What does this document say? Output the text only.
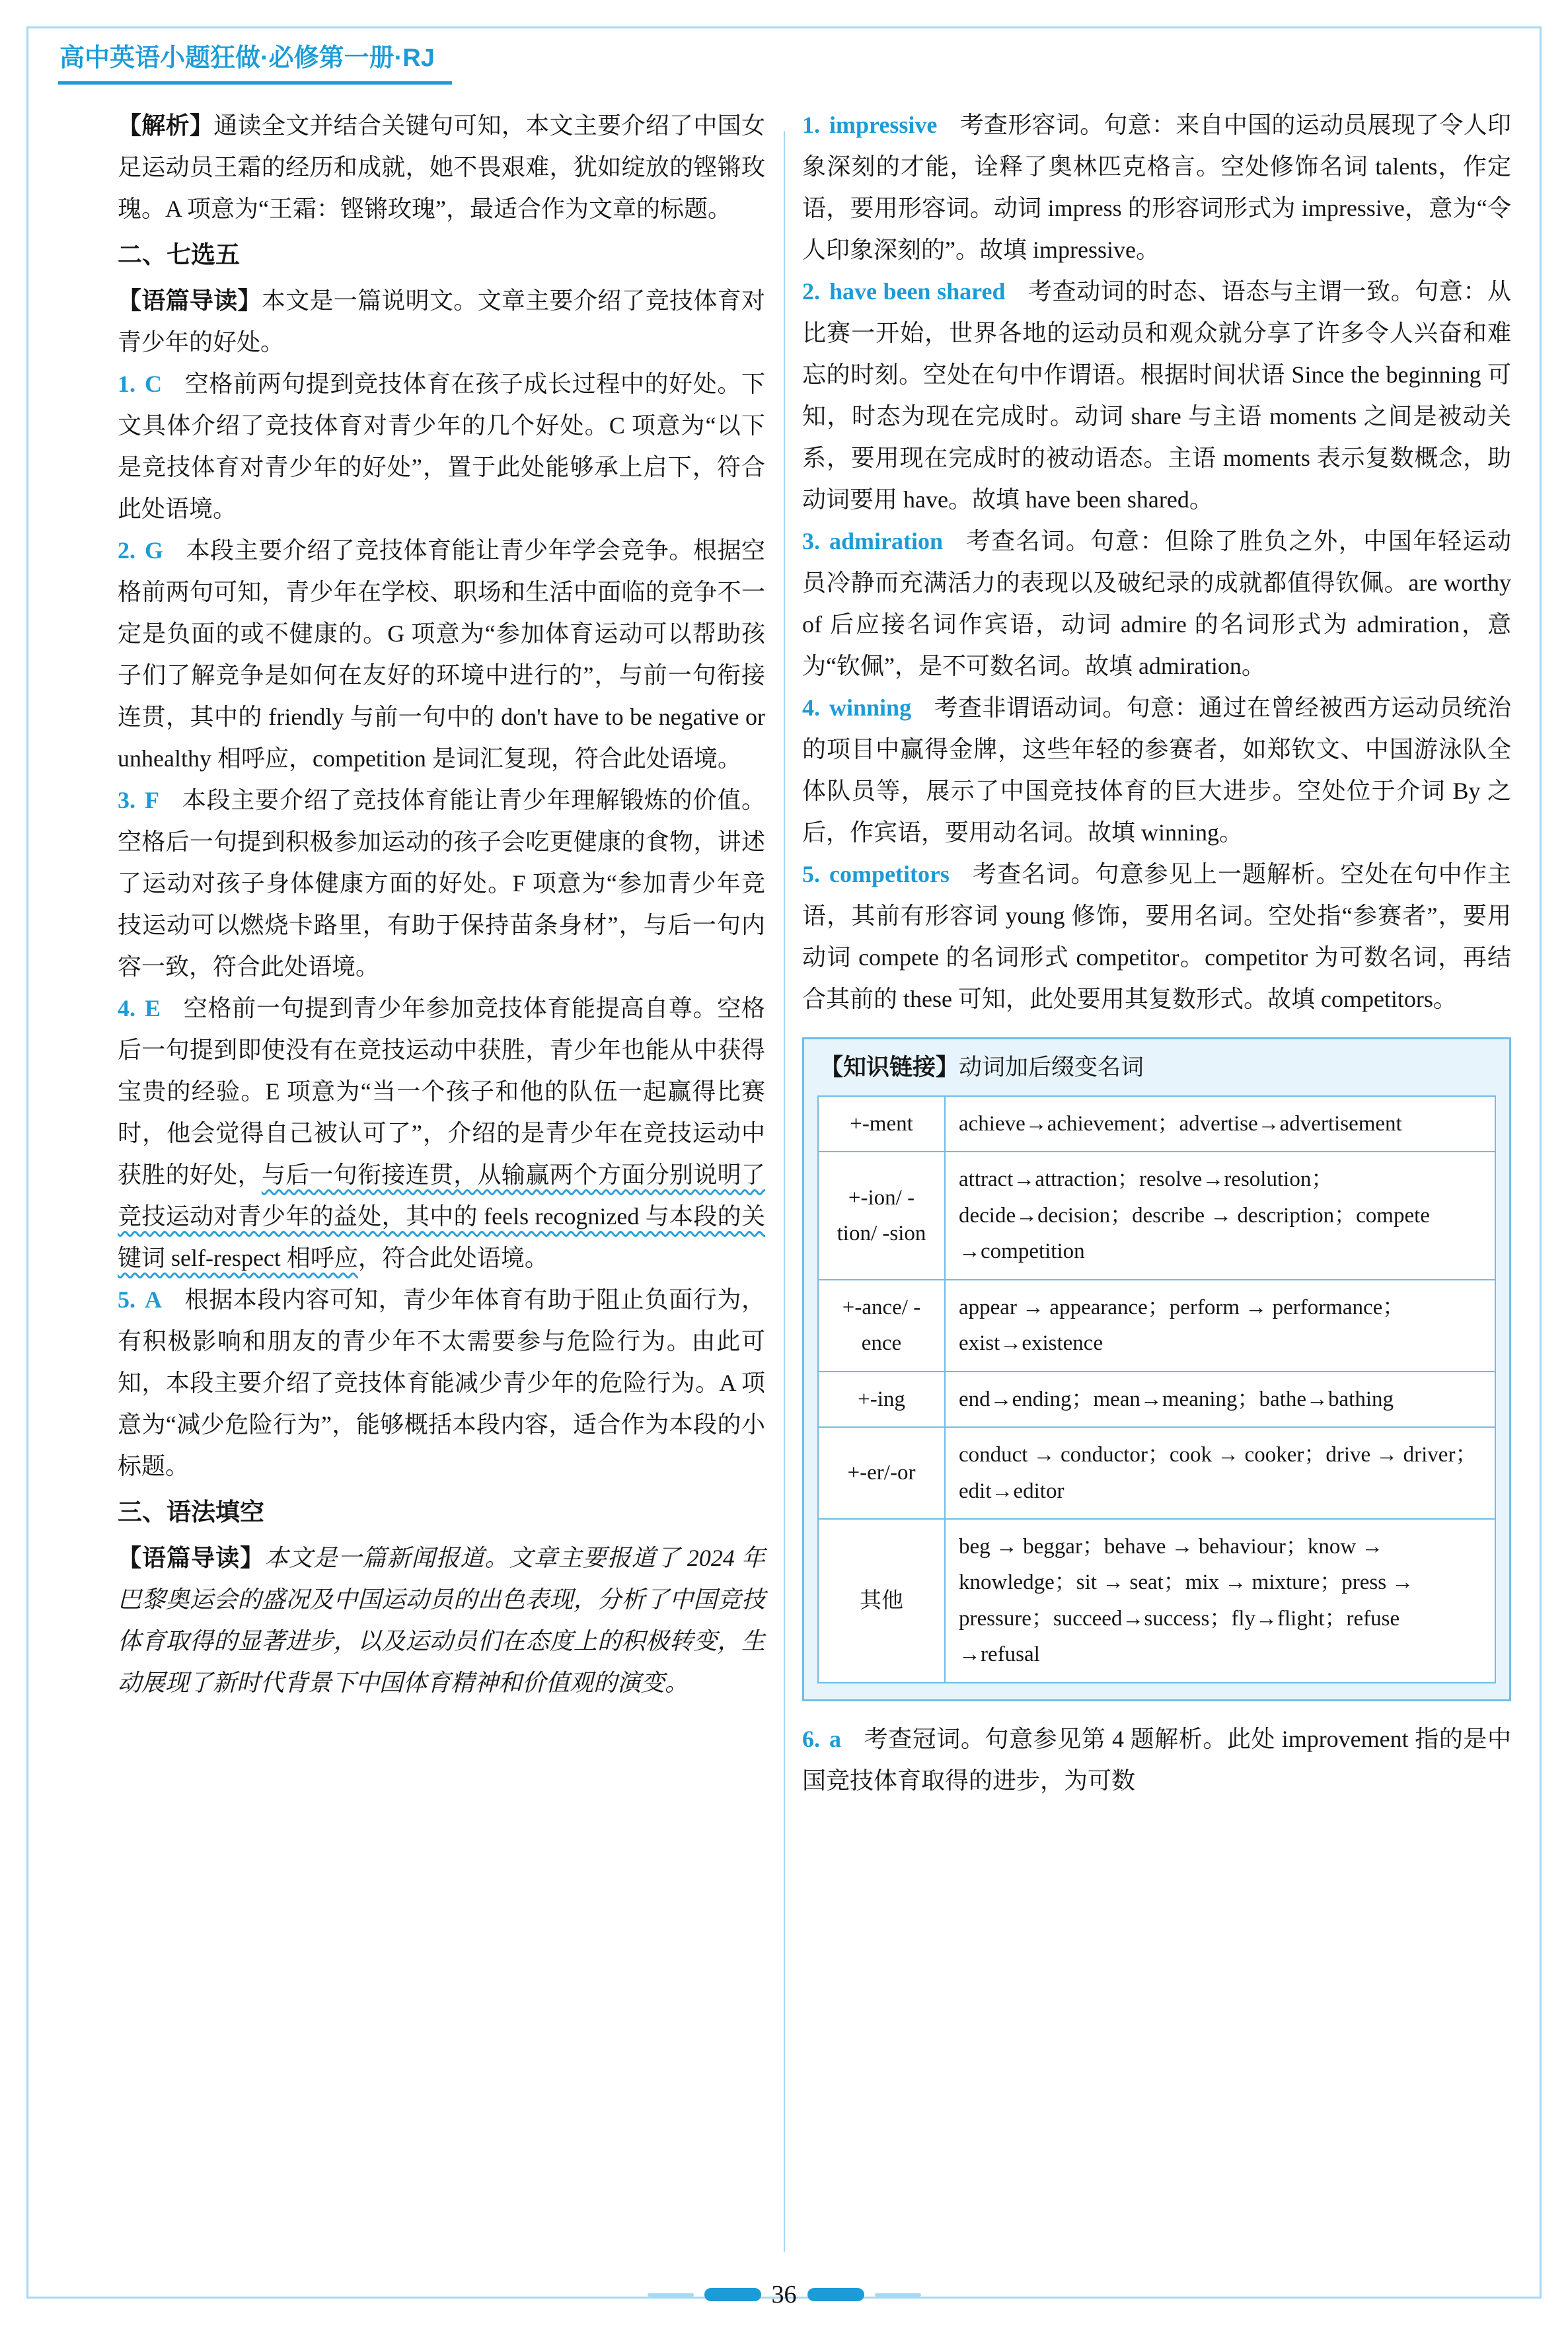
高中英语小题狂做·必修第一册·RJ

【解析】通读全文并结合关键句可知，本文主要介绍了中国女足运动员王霜的经历和成就，她不畏艰难，犹如绽放的铿锵玫瑰。A 项意为“王霜：铿锵玫瑰”，最适合作为文章的标题。

二、七选五

【语篇导读】本文是一篇说明文。文章主要介绍了竞技体育对青少年的好处。

1. C 空格前两句提到竞技体育在孩子成长过程中的好处。下文具体介绍了竞技体育对青少年的几个好处。C 项意为“以下是竞技体育对青少年的好处”，置于此处能够承上启下，符合此处语境。

2. G 本段主要介绍了竞技体育能让青少年学会竞争。根据空格前两句可知，青少年在学校、职场和生活中面临的竞争不一定是负面的或不健康的。G 项意为“参加体育运动可以帮助孩子们了解竞争是如何在友好的环境中进行的”，与前一句衔接连贯，其中的 friendly 与前一句中的 don't have to be negative or unhealthy 相呼应，competition 是词汇复现，符合此处语境。

3. F 本段主要介绍了竞技体育能让青少年理解锻炼的价值。空格后一句提到积极参加运动的孩子会吃更健康的食物，讲述了运动对孩子身体健康方面的好处。F 项意为“参加青少年竞技运动可以燃烧卡路里，有助于保持苗条身材”，与后一句内容一致，符合此处语境。

4. E 空格前一句提到青少年参加竞技体育能提高自尊。空格后一句提到即使没有在竞技运动中获胜，青少年也能从中获得宝贵的经验。E 项意为“当一个孩子和他的队伍一起赢得比赛时，他会觉得自己被认可了”，介绍的是青少年在竞技运动中获胜的好处，与后一句衔接连贯，从输赢两个方面分别说明了竞技运动对青少年的益处，其中的 feels recognized 与本段的关键词 self-respect 相呼应，符合此处语境。

5. A 根据本段内容可知，青少年体育有助于阻止负面行为，有积极影响和朋友的青少年不太需要参与危险行为。由此可知，本段主要介绍了竞技体育能减少青少年的危险行为。A 项意为“减少危险行为”，能够概括本段内容，适合作为本段的小标题。

三、语法填空

【语篇导读】本文是一篇新闻报道。文章主要报道了 2024 年巴黎奥运会的盛况及中国运动员的出色表现，分析了中国竞技体育取得的显著进步，以及运动员们在态度上的积极转变，生动展现了新时代背景下中国体育精神和价值观的演变。

1. impressive 考查形容词。句意：来自中国的运动员展现了令人印象深刻的才能，诠释了奥林匹克格言。空处修饰名词 talents，作定语，要用形容词。动词 impress 的形容词形式为 impressive，意为“令人印象深刻的”。故填 impressive。

2. have been shared 考查动词的时态、语态与主谓一致。句意：从比赛一开始，世界各地的运动员和观众就分享了许多令人兴奋和难忘的时刻。空处在句中作谓语。根据时间状语 Since the beginning 可知，时态为现在完成时。动词 share 与主语 moments 之间是被动关系，要用现在完成时的被动语态。主语 moments 表示复数概念，助动词要用 have。故填 have been shared。

3. admiration 考查名词。句意：但除了胜负之外，中国年轻运动员冷静而充满活力的表现以及破纪录的成就都值得钦佩。are worthy of 后应接名词作宾语，动词 admire 的名词形式为 admiration，意为“钦佩”，是不可数名词。故填 admiration。

4. winning 考查非谓语动词。句意：通过在曾经被西方运动员统治的项目中赢得金牌，这些年轻的参赛者，如郑钦文、中国游泳队全体队员等，展示了中国竞技体育的巨大进步。空处位于介词 By 之后，作宾语，要用动名词。故填 winning。

5. competitors 考查名词。句意参见上一题解析。空处在句中作主语，其前有形容词 young 修饰，要用名词。空处指“参赛者”，要用动词 compete 的名词形式 competitor。competitor 为可数名词，再结合其前的 these 可知，此处要用其复数形式。故填 competitors。

【知识链接】动词加后缀变名词

+-ment	achieve→achievement；advertise→advertisement
+-ion/ -tion/ -sion	attract→attraction；resolve→resolution；decide→decision；describe → description；compete →competition
+-ance/ -ence	appear → appearance；perform → performance；exist→existence
+-ing	end→ending；mean→meaning；bathe→bathing
+-er/-or	conduct → conductor；cook → cooker；drive → driver；edit→editor
其他	beg → beggar；behave → behaviour；know → knowledge；sit → seat；mix → mixture；press → pressure；succeed→success；fly→flight；refuse →refusal

6. a 考查冠词。句意参见第 4 题解析。此处 improvement 指的是中国竞技体育取得的进步，为可数

36
